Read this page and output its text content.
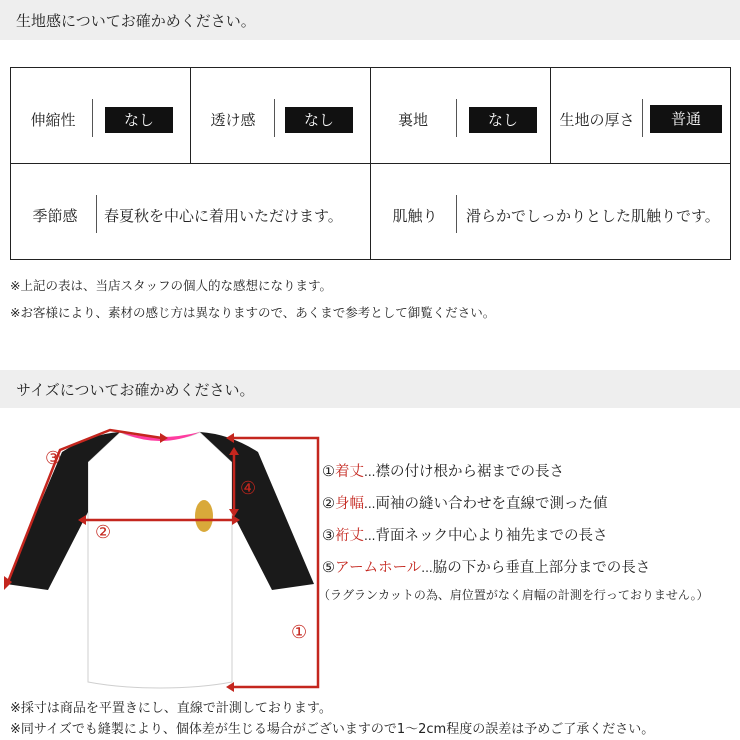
生地感についてお確かめください。
伸縮性	なし	透け感	なし	裏地	なし	生地の厚さ	普通
季節感	春夏秋を中心に着用いただけます。	肌触り	滑らかでしっかりとした肌触りです。
※上記の表は、当店スタッフの個人的な感想になります。
※お客様により、素材の感じ方は異なりますので、あくまで参考として御覧ください。
サイズについてお確かめください。
③
②
④
①
①着丈...襟の付け根から裾までの長さ
②身幅...両袖の縫い合わせを直線で測った値
③裄丈...背面ネック中心より袖先までの長さ
⑤アームホール...脇の下から垂直上部分までの長さ
（ラグランカットの為、肩位置がなく肩幅の計測を行っておりません。）
※採寸は商品を平置きにし、直線で計測しております。
※同サイズでも縫製により、個体差が生じる場合がございますので1～2cm程度の誤差は予めご了承ください。
